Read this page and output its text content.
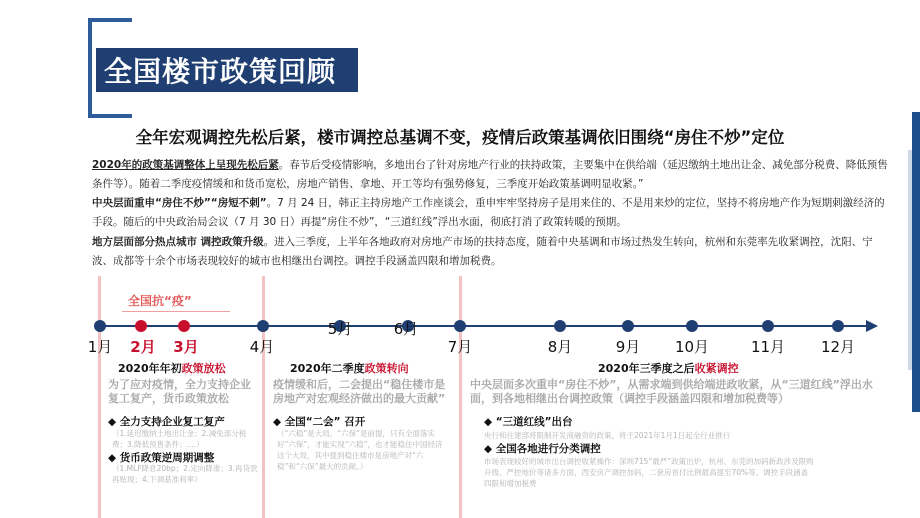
全国楼市政策回顾
全年宏观调控先松后紧，楼市调控总基调不变，疫情后政策基调依旧围绕“房住不炒”定位
2020年的政策基调整体上呈现先松后紧。春节后受疫情影响，多地出台了针对房地产行业的扶持政策，主要集中在供给端（延迟缴纳土地出让金、减免部分税费、降低预售条件等）。随着二季度疫情缓和和货币宽松，房地产销售、拿地、开工等均有强势修复，三季度开始政策基调明显收紧。”
中央层面重申“房住不炒”“房短不刺”。7 月 24 日，韩正主持房地产工作座谈会，重申牢牢坚持房子是用来住的、不是用来炒的定位，坚持不将房地产作为短期刺激经济的手段。随后的中央政治局会议（7 月 30 日）再提“房住不炒”，“三道红线”浮出水面，彻底打消了政策转暖的预期。
地方层面部分热点城市 调控政策升级。进入三季度，上半年各地政府对房地产市场的扶持态度，随着中央基调和市场过热发生转向，杭州和东莞率先收紧调控，沈阳、宁波、成都等十余个市场表现较好的城市也相继出台调控。调控手段涵盖四限和增加税费。
全国抗“疫”
1月 2月 3月	4月
5月	6月
7月	8月	9月 10月	11月 12月
2020年年初政策放松
为了应对疫情，全力支持企业复工复产，货币政策放松
◆ 全力支持企业复工复产
（1.延迟缴纳土地出让金；2.减免部分税费；3.降低预售条件；....）
◆ 货币政策逆周期调整
（1.MLF降息20bp；2.定向降准；3.再贷款再贴现；4.下调基准利率）
2020年二季度政策转向
疫情缓和后，二会提出“稳住楼市是房地产对宏观经济做出的最大贡献”
◆ 全国“二会” 召开
（“六稳”是大局，“六保”是前提，只有全面落实好“六保”，才能实现“六稳”，也才能稳住中国经济这个大局，其中提到稳住楼市是房地产对“六稳”和“六保”最大的贡献。）
2020年三季度之后收紧调控
中央层面多次重申“房住不炒”，从需求端到供给端进政收紧，从“三道红线”浮出水面，到各地相继出台调控政策（调控手段涵盖四限和增加税费等）
◆ “三道红线”出台
央行和住建部将限制开发商融资的政策，将于2021年1月1日起全行业推行
◆ 全国各地进行分类调控
市场表现较好的城市出台调控收紧操作：深圳715“最严”政策出炉，杭州、东莞的加码新政涉及限购升级、严控地价等诸多方面，西安房产调控加码，二套房首付比例最高提至70%等。调控手段涵盖四限和增加税费
